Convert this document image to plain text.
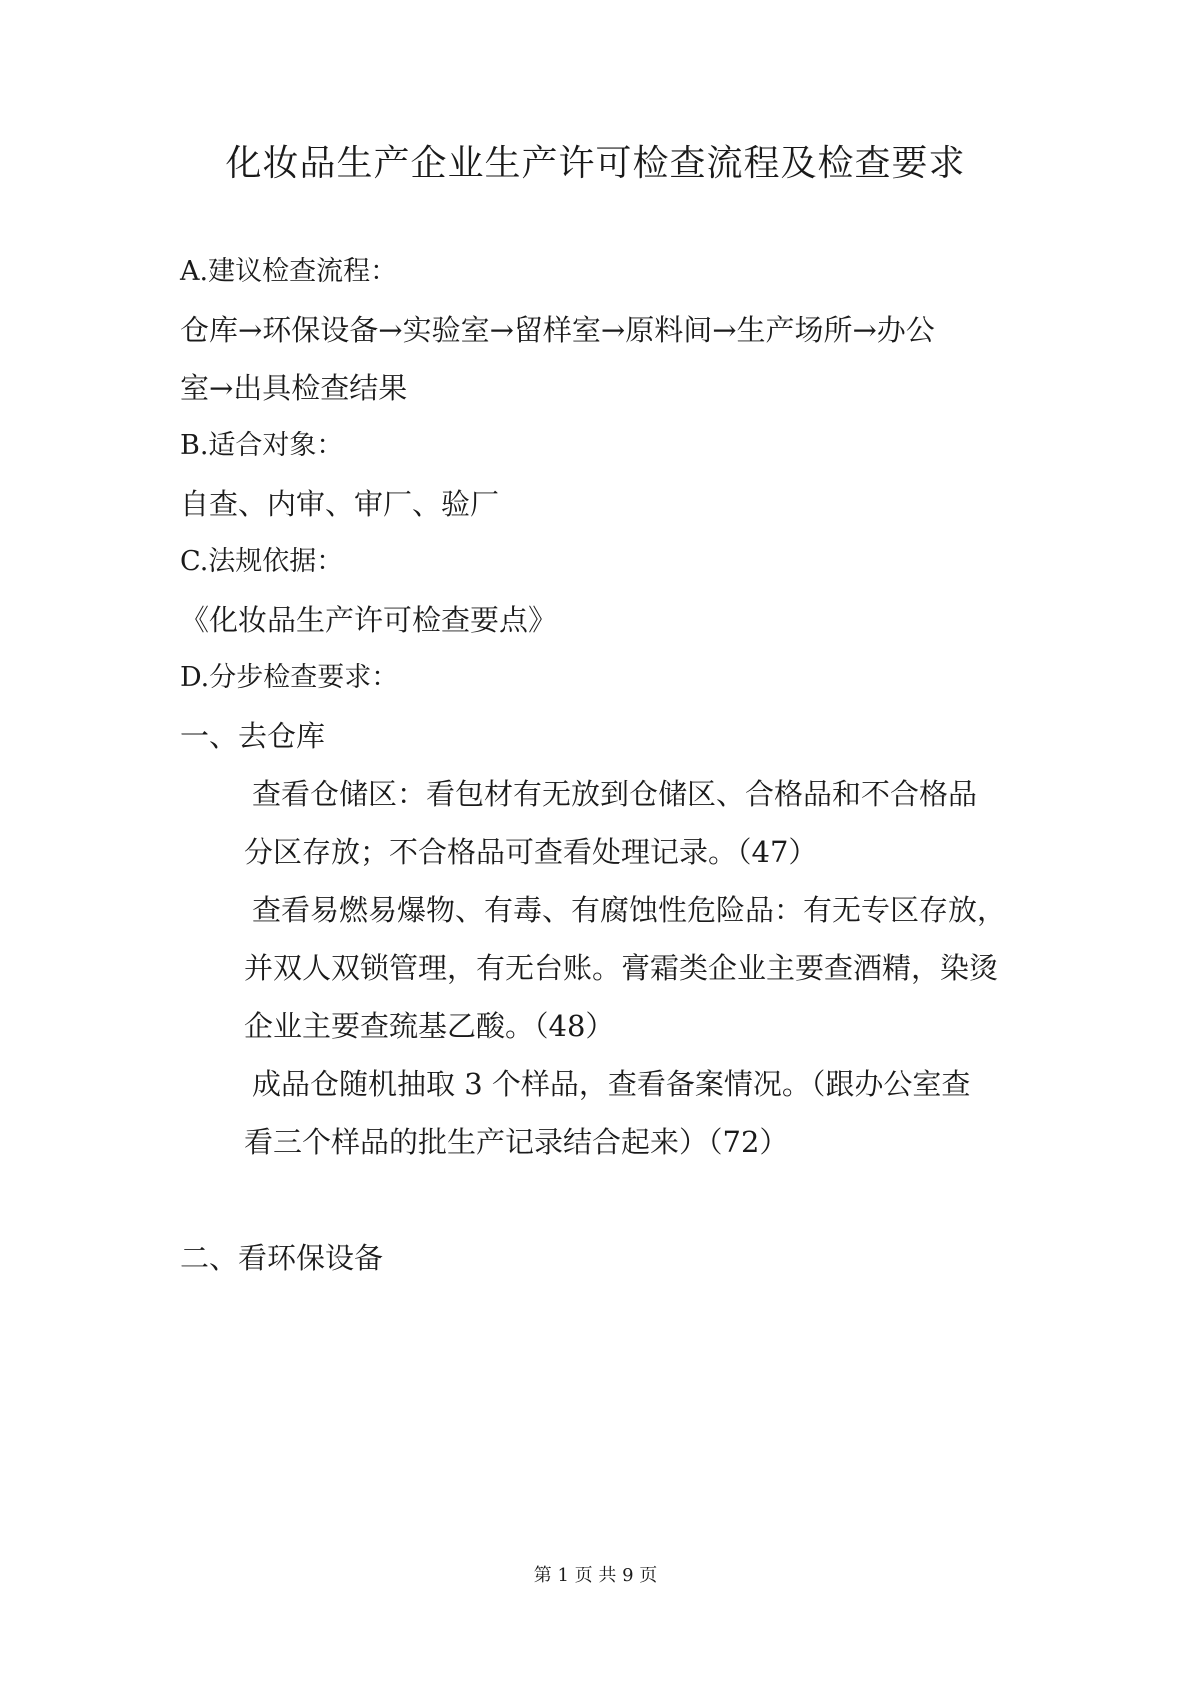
化妆品生产企业生产许可检查流程及检查要求

A.建议检查流程：

仓库→环保设备→实验室→留样室→原料间→生产场所→办公

室→出具检查结果

B.适合对象：

自查、内审、审厂、验厂

C.法规依据：

《化妆品生产许可检查要点》

D.分步检查要求：

一、去仓库

查看仓储区：看包材有无放到仓储区、合格品和不合格品

分区存放；不合格品可查看处理记录。（47）

查看易燃易爆物、有毒、有腐蚀性危险品：有无专区存放，

并双人双锁管理，有无台账。膏霜类企业主要查酒精，染烫

企业主要查巯基乙酸。（48）

成品仓随机抽取 3 个样品，查看备案情况。（跟办公室查

看三个样品的批生产记录结合起来）（72）

二、看环保设备

第 1 页 共 9 页
